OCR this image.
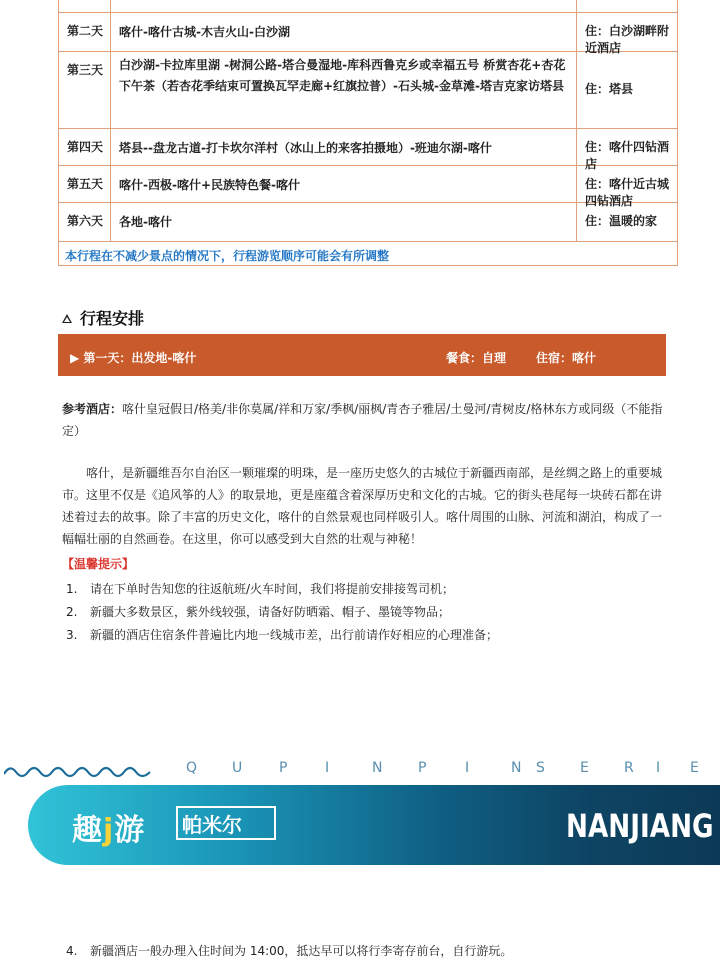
第二天	喀什-喀什古城-木吉火山-白沙湖	住：白沙湖畔附近酒店
第三天	白沙湖-卡拉库里湖 -树洞公路-塔合曼湿地-库科西鲁克乡或幸福五号 桥赏杏花+杏花下午茶（若杏花季结束可置换瓦罕走廊+红旗拉普）-石头城-金草滩-塔吉克家访塔县	住：塔县
第四天	塔县--盘龙古道-打卡坎尔洋村（冰山上的来客拍摄地）-班迪尔湖-喀什	住：喀什四钻酒店
第五天	喀什-西极-喀什+民族特色餐-喀什	住：喀什近古城四钻酒店
第六天	各地-喀什	住：温暖的家
本行程在不减少景点的情况下，行程游览顺序可能会有所调整
行程安排
▶ 第一天：出发地-喀什	餐食：自理 住宿：喀什
参考酒店：喀什皇冠假日/格美/非你莫属/祥和万家/季枫/丽枫/青杏子雅居/土曼河/青树皮/格林东方或同级（不能指定）
喀什，是新疆维吾尔自治区一颗璀璨的明珠，是一座历史悠久的古城位于新疆西南部，是丝绸之路上的重要城市。这里不仅是《追风筝的人》的取景地，更是座蕴含着深厚历史和文化的古城。它的街头巷尾每一块砖石都在讲述着过去的故事。除了丰富的历史文化，喀什的自然景观也同样吸引人。喀什周围的山脉、河流和湖泊，构成了一幅幅壮丽的自然画卷。在这里，你可以感受到大自然的壮观与神秘！
【温馨提示】
1. 请在下单时告知您的往返航班/火车时间，我们将提前安排接驾司机；
2. 新疆大多数景区，紫外线较强，请备好防晒霜、帽子、墨镜等物品；
3. 新疆的酒店住宿条件普遍比内地一线城市差，出行前请作好相应的心理准备；
Q U	P	I	N	P	I	N S	E	R I E
趣j游 帕米尔	NANJIANG
4. 新疆酒店一般办理入住时间为 14:00，抵达早可以将行李寄存前台，自行游玩。
